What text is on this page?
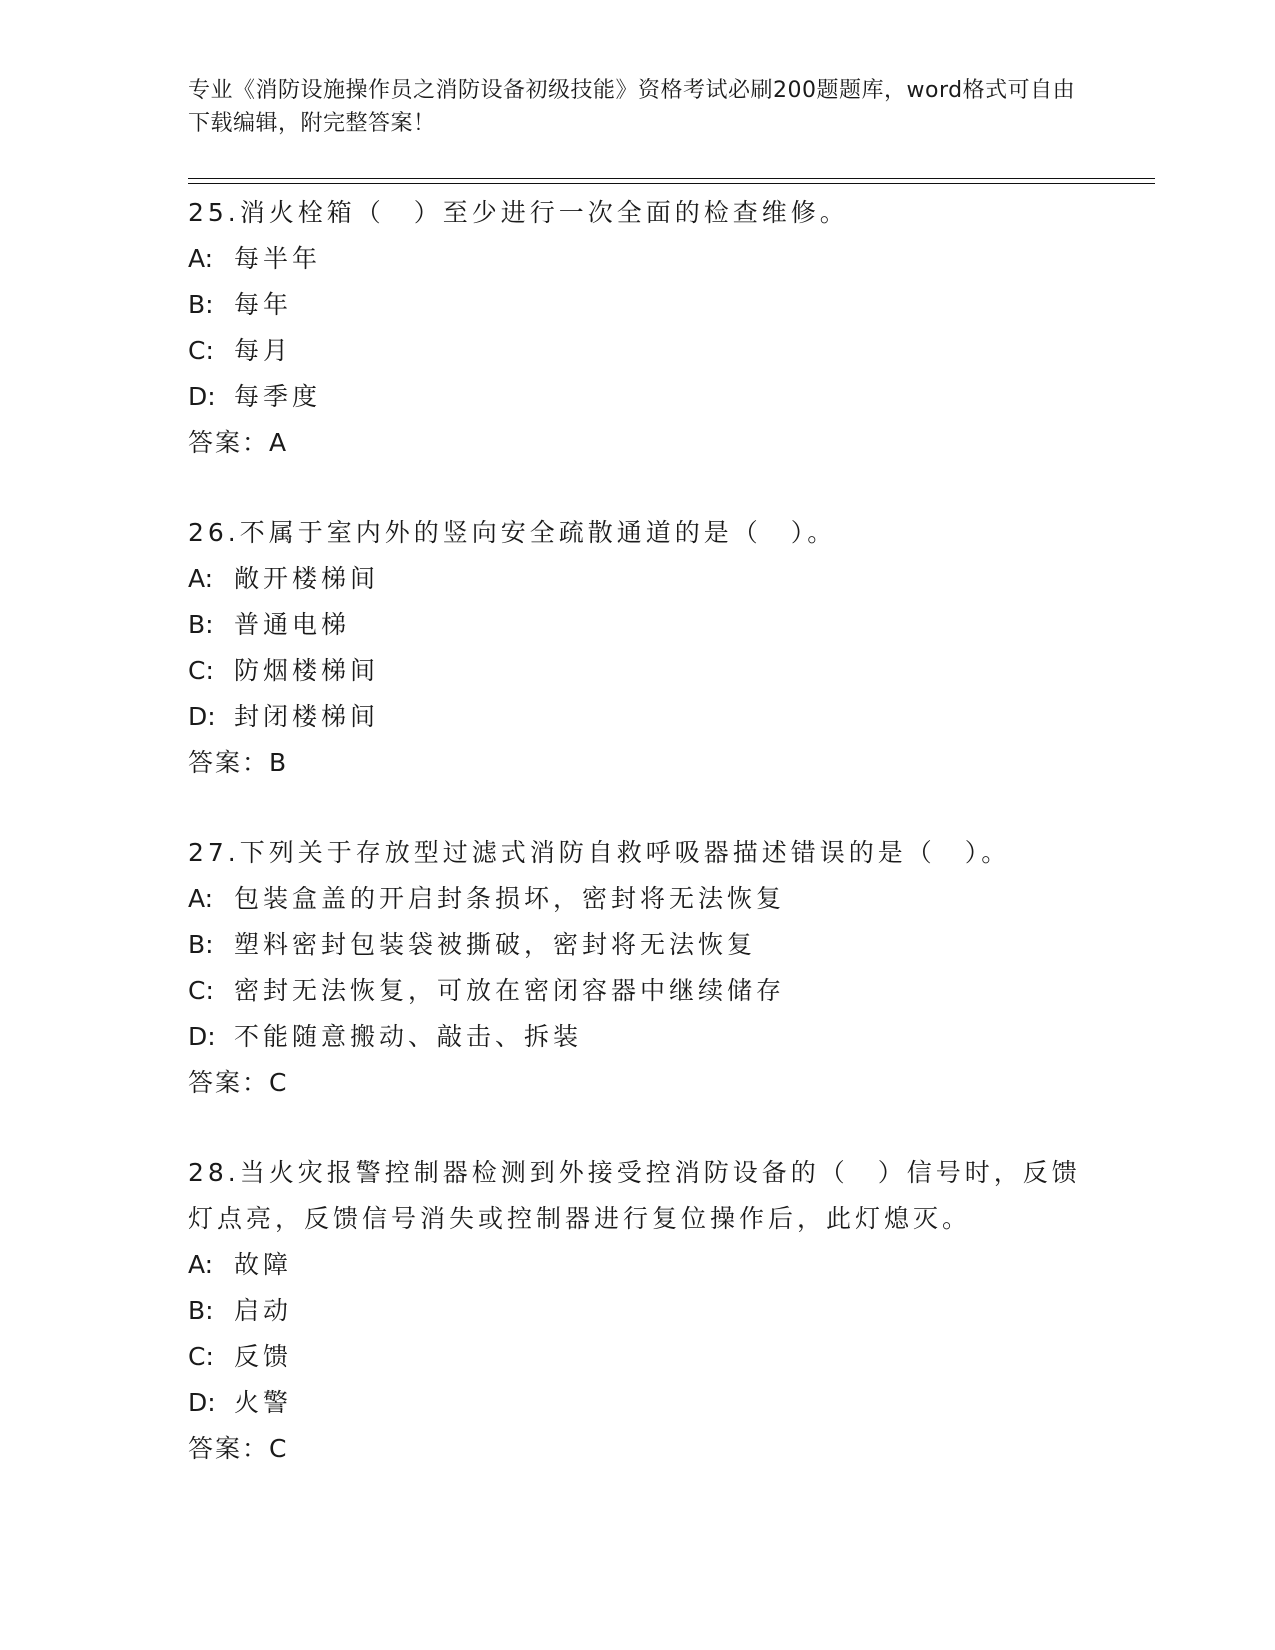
专业《消防设施操作员之消防设备初级技能》资格考试必刷200题题库，word格式可自由下载编辑，附完整答案！

25.消火栓箱（　）至少进行一次全面的检查维修。

A: 每半年

B: 每年

C: 每月

D: 每季度

答案：A

26.不属于室内外的竖向安全疏散通道的是（　）。

A: 敞开楼梯间

B: 普通电梯

C: 防烟楼梯间

D: 封闭楼梯间

答案：B

27.下列关于存放型过滤式消防自救呼吸器描述错误的是（　）。

A: 包装盒盖的开启封条损坏，密封将无法恢复

B: 塑料密封包装袋被撕破，密封将无法恢复

C: 密封无法恢复，可放在密闭容器中继续储存

D: 不能随意搬动、敲击、拆装

答案：C

28.当火灾报警控制器检测到外接受控消防设备的（　）信号时，反馈灯点亮，反馈信号消失或控制器进行复位操作后，此灯熄灭。

A: 故障

B: 启动

C: 反馈

D: 火警

答案：C
